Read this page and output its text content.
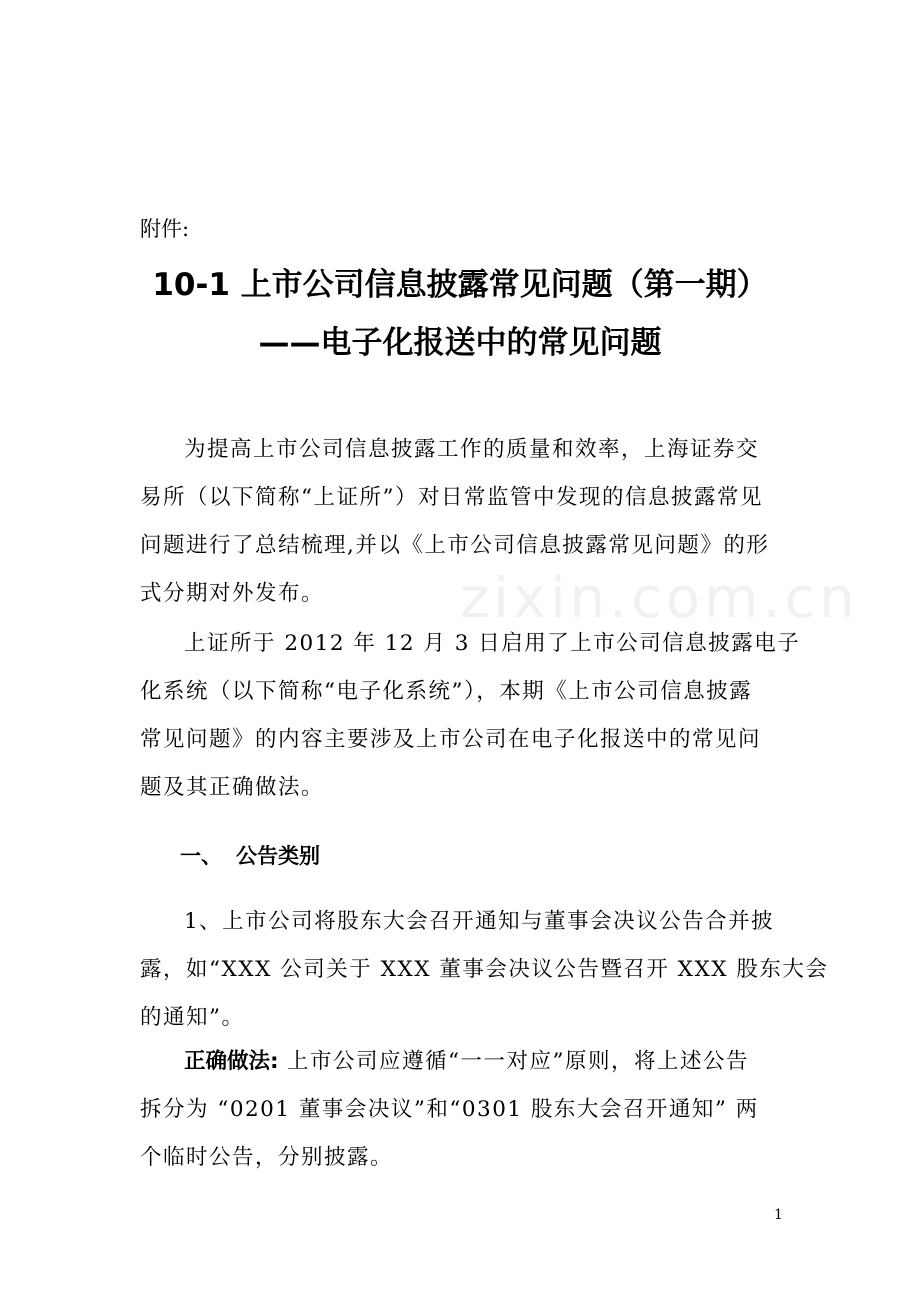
附件:

10-1 上市公司信息披露常见问题（第一期）
——电子化报送中的常见问题
为提高上市公司信息披露工作的质量和效率，上海证券交
易所（以下简称“上证所”）对日常监管中发现的信息披露常见
问题进行了总结梳理,并以《上市公司信息披露常见问题》的形
式分期对外发布。	zixin.com.cn
上证所于 2012 年 12 月 3 日启用了上市公司信息披露电子
化系统（以下简称“电子化系统”），本期《上市公司信息披露
常见问题》的内容主要涉及上市公司在电子化报送中的常见问
题及其正确做法。
一、 公告类别
1、上市公司将股东大会召开通知与董事会决议公告合并披
露，如“XXX 公司关于 XXX 董事会决议公告暨召开 XXX 股东大会
的通知”。
正确做法: 上市公司应遵循“一一对应”原则，将上述公告
拆分为 “0201 董事会决议”和“0301 股东大会召开通知” 两
个临时公告，分别披露。

1
